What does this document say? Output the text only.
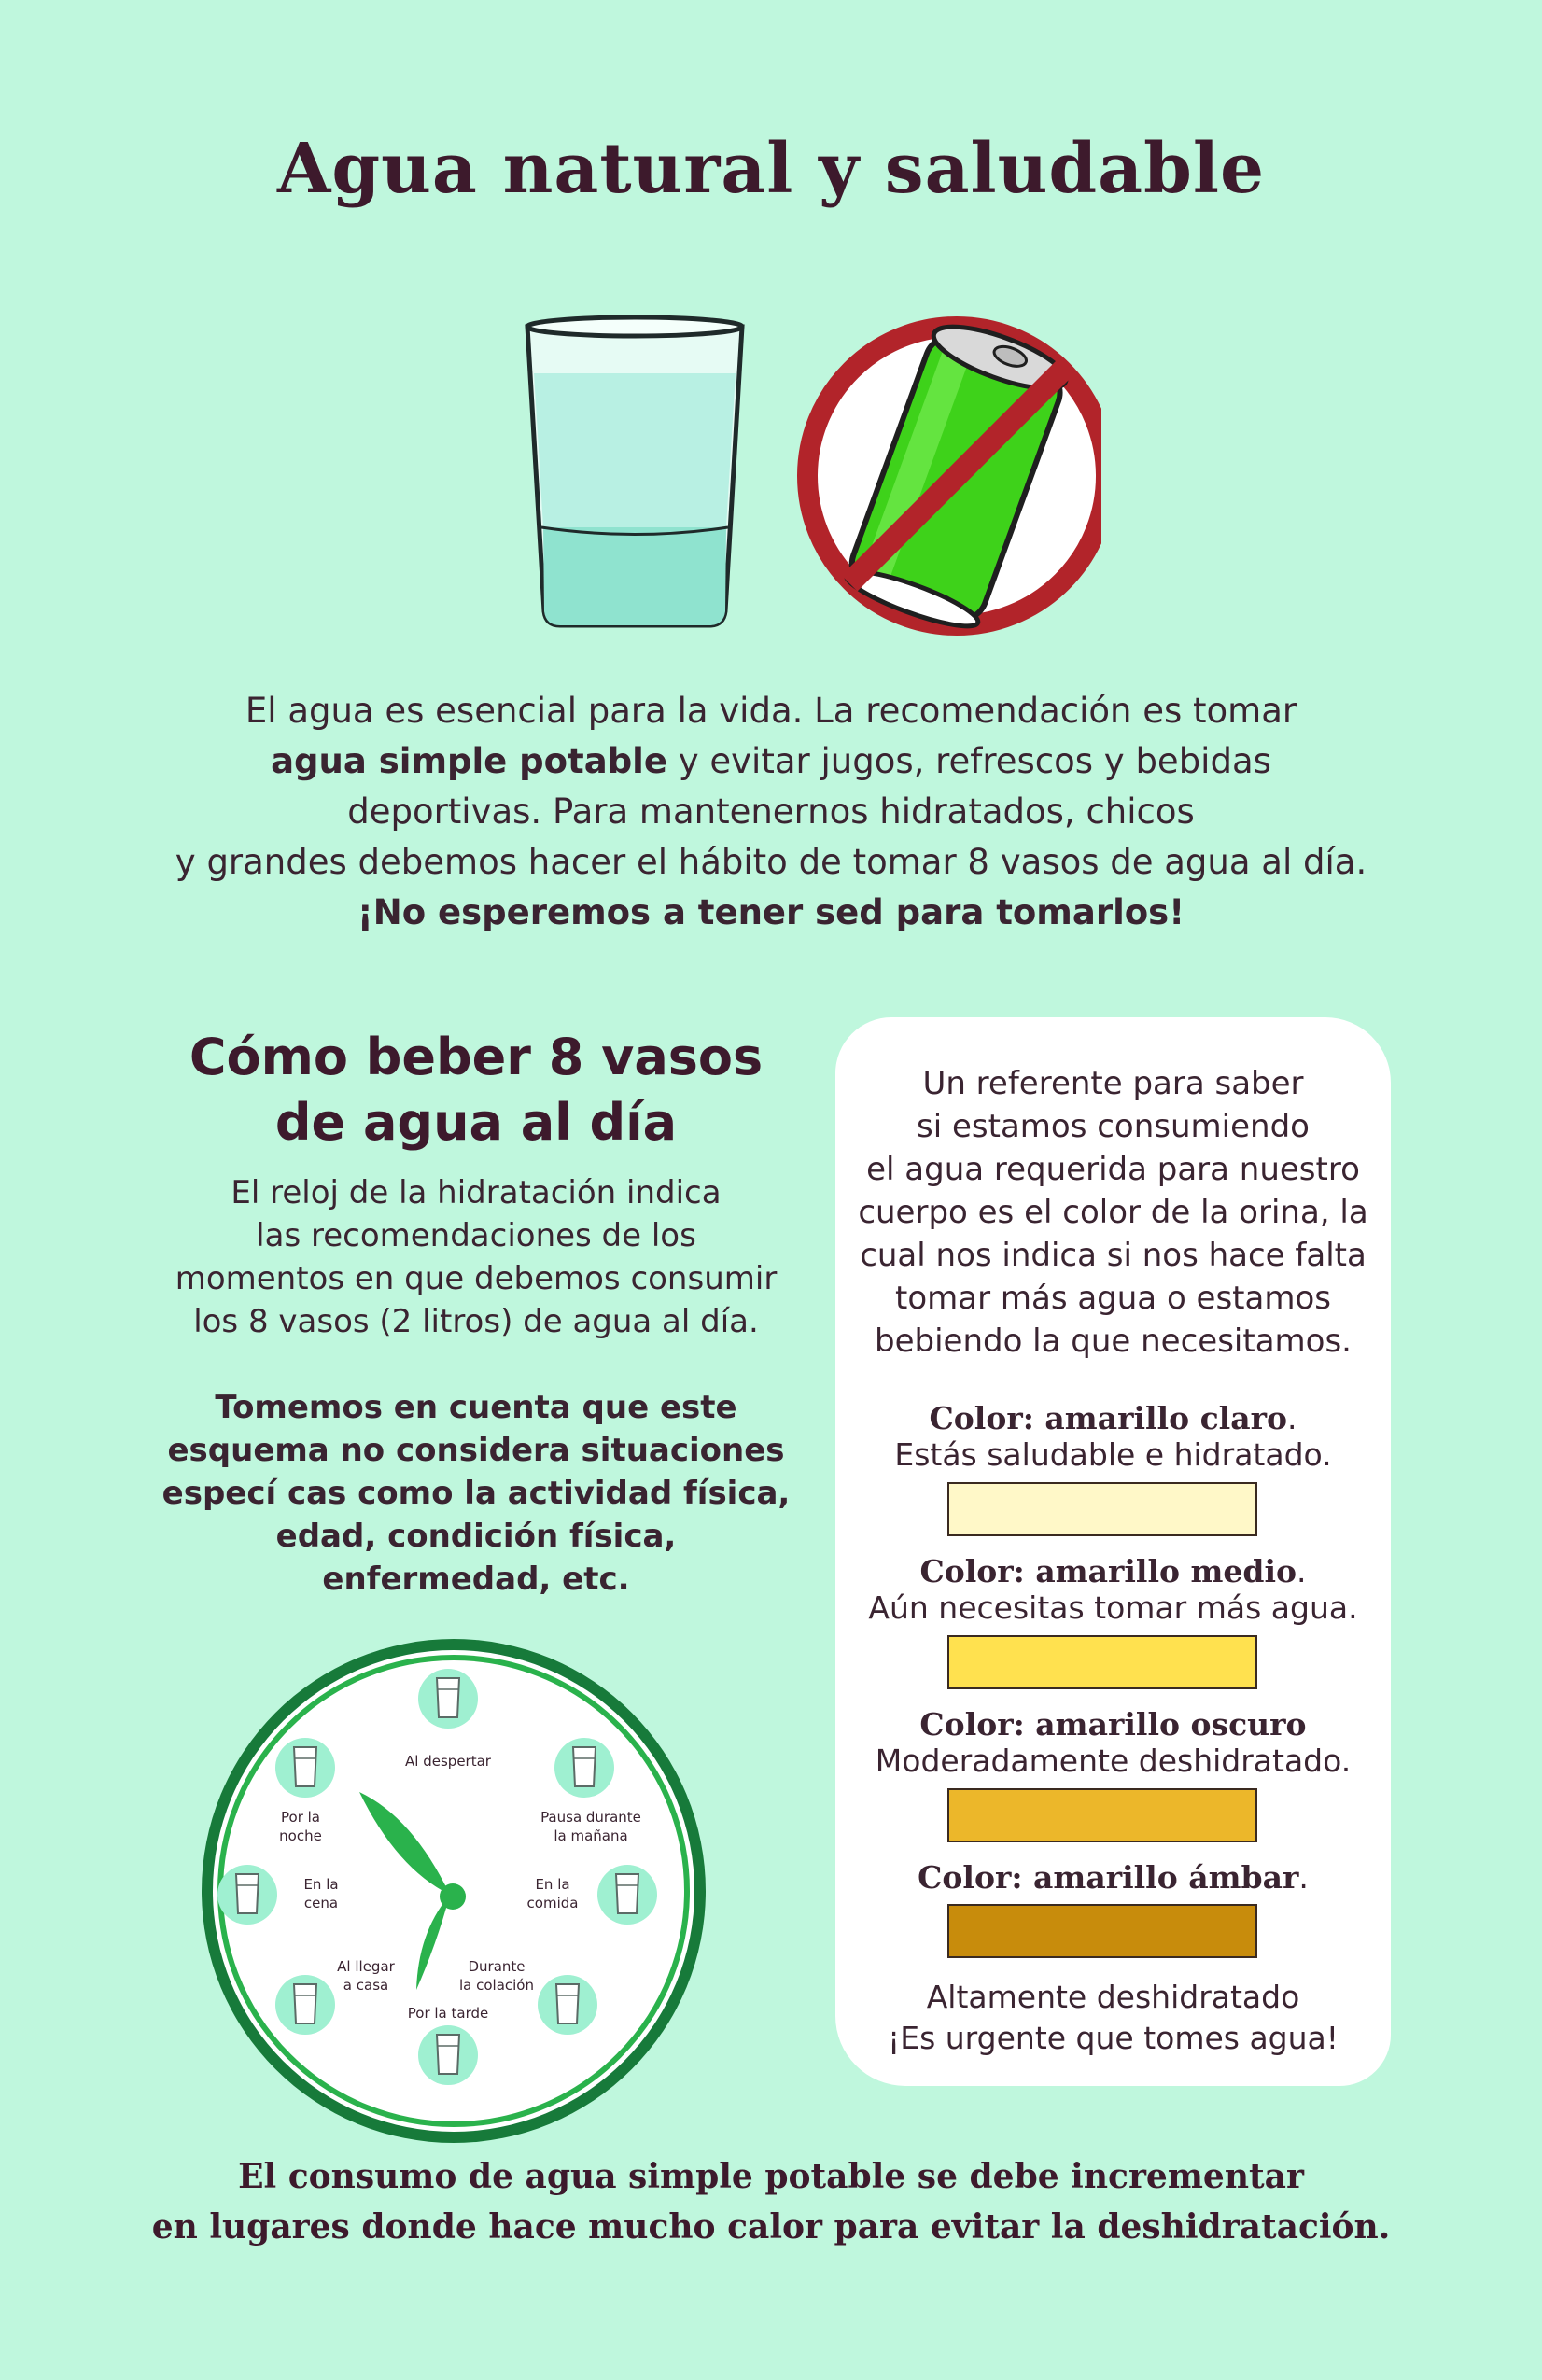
Agua natural y saludable
El agua es esencial para la vida. La recomendación es tomar
agua simple potable y evitar jugos, refrescos y bebidas
deportivas. Para mantenernos hidratados, chicos
y grandes debemos hacer el hábito de tomar 8 vasos de agua al día.
¡No esperemos a tener sed para tomarlos!
Cómo beber 8 vasos
de agua al día
El reloj de la hidratación indica
las recomendaciones de los
momentos en que debemos consumir
los 8 vasos (2 litros) de agua al día.
Tomemos en cuenta que este
esquema no considera situaciones
especí cas como la actividad física,
edad, condición física,
enfermedad, etc.
Al despertar
Pausa durante
la mañana
En la
comida
Durante
la colación
Por la tarde
Al llegar
a casa
En la
cena
Por la
noche
Un referente para saber
si estamos consumiendo
el agua requerida para nuestro
cuerpo es el color de la orina, la
cual nos indica si nos hace falta
tomar más agua o estamos
bebiendo la que necesitamos.
Color: amarillo claro.
Estás saludable e hidratado.
Color: amarillo medio.
Aún necesitas tomar más agua.
Color: amarillo oscuro
Moderadamente deshidratado.
Color: amarillo ámbar.
Altamente deshidratado
¡Es urgente que tomes agua!
El consumo de agua simple potable se debe incrementar
en lugares donde hace mucho calor para evitar la deshidratación.
